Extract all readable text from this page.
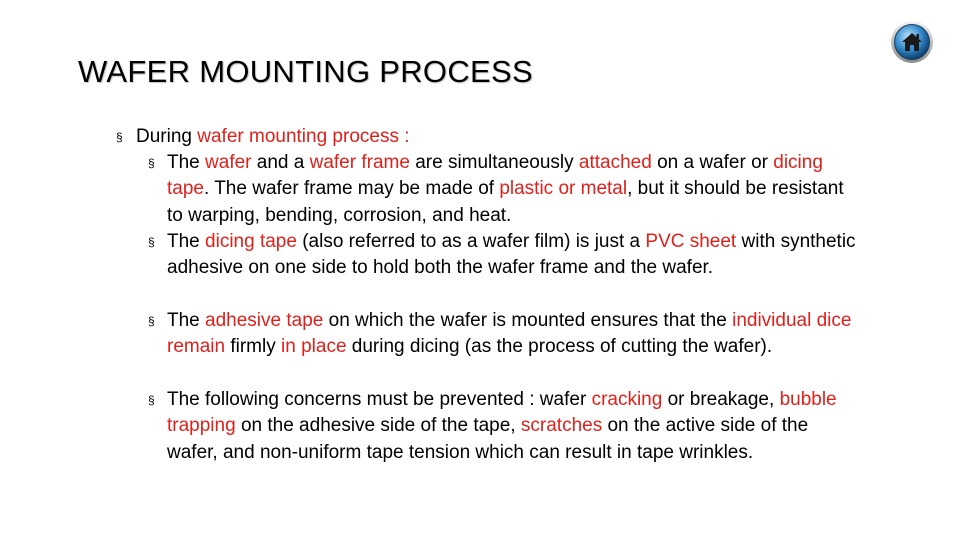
WAFER MOUNTING PROCESS
§ During wafer mounting process :
§ The wafer and a wafer frame are simultaneously attached on a wafer or dicing tape. The wafer frame may be made of plastic or metal, but it should be resistant to warping, bending, corrosion, and heat.
§ The dicing tape (also referred to as a wafer film) is just a PVC sheet with synthetic adhesive on one side to hold both the wafer frame and the wafer.
§ The adhesive tape on which the wafer is mounted ensures that the individual dice remain firmly in place during dicing (as the process of cutting the wafer).
§ The following concerns must be prevented : wafer cracking or breakage, bubble trapping on the adhesive side of the tape, scratches on the active side of the wafer, and non-uniform tape tension which can result in tape wrinkles.
